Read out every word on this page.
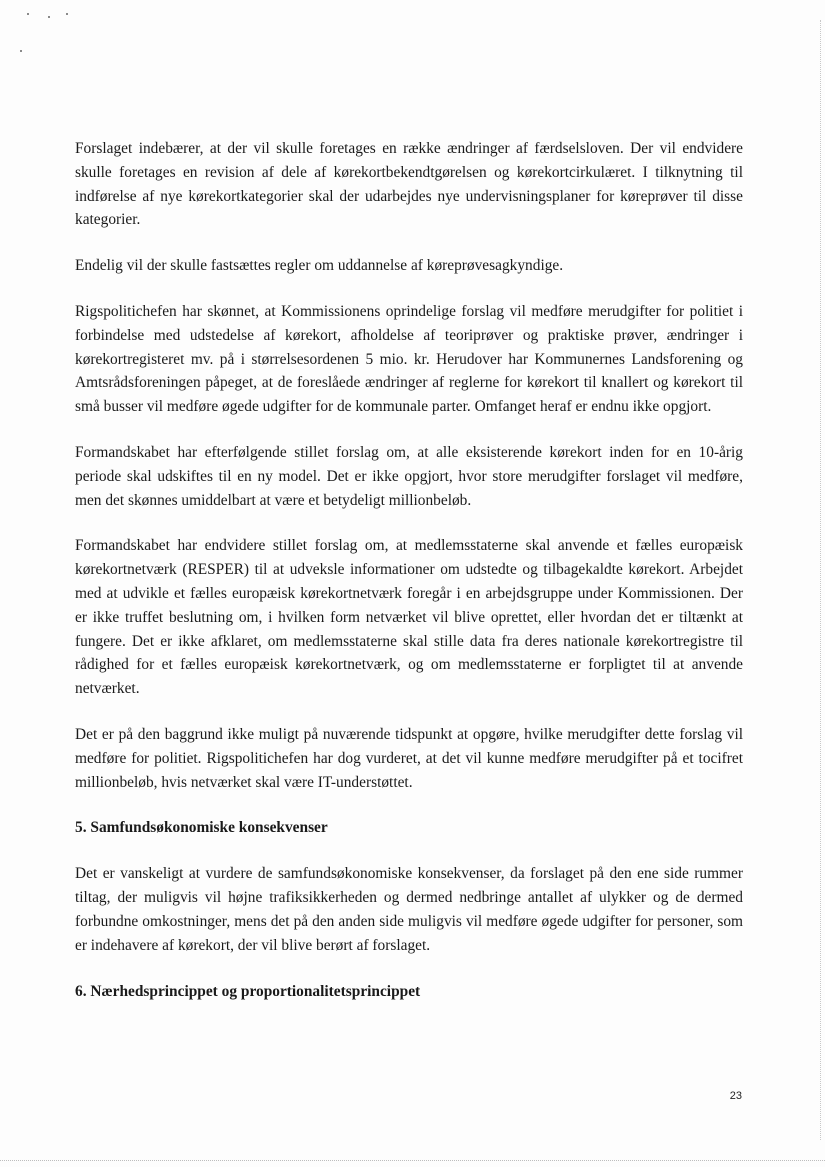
Forslaget indebærer, at der vil skulle foretages en række ændringer af færdselsloven. Der vil endvidere skulle foretages en revision af dele af kørekortbekendtgørelsen og kørekortcirkulæret. I tilknytning til indførelse af nye kørekortkategorier skal der udarbejdes nye undervisningsplaner for køreprøver til disse kategorier.

Endelig vil der skulle fastsættes regler om uddannelse af køreprøvesagkyndige.

Rigspolitichefen har skønnet, at Kommissionens oprindelige forslag vil medføre merudgifter for politiet i forbindelse med udstedelse af kørekort, afholdelse af teoriprøver og praktiske prøver, ændringer i kørekortregisteret mv. på i størrelsesordenen 5 mio. kr. Herudover har Kommunernes Landsforening og Amtsrådsforeningen påpeget, at de foreslåede ændringer af reglerne for kørekort til knallert og kørekort til små busser vil medføre øgede udgifter for de kommunale parter. Omfanget heraf er endnu ikke opgjort.

Formandskabet har efterfølgende stillet forslag om, at alle eksisterende kørekort inden for en 10-årig periode skal udskiftes til en ny model. Det er ikke opgjort, hvor store merudgifter forslaget vil medføre, men det skønnes umiddelbart at være et betydeligt millionbeløb.

Formandskabet har endvidere stillet forslag om, at medlemsstaterne skal anvende et fælles europæisk kørekortnetværk (RESPER) til at udveksle informationer om udstedte og tilbagekaldte kørekort. Arbejdet med at udvikle et fælles europæisk kørekortnetværk foregår i en arbejdsgruppe under Kommissionen. Der er ikke truffet beslutning om, i hvilken form netværket vil blive oprettet, eller hvordan det er tiltænkt at fungere. Det er ikke afklaret, om medlemsstaterne skal stille data fra deres nationale kørekortregistre til rådighed for et fælles europæisk kørekortnetværk, og om medlemsstaterne er forpligtet til at anvende netværket.

Det er på den baggrund ikke muligt på nuværende tidspunkt at opgøre, hvilke merudgifter dette forslag vil medføre for politiet. Rigspolitichefen har dog vurderet, at det vil kunne medføre merudgifter på et tocifret millionbeløb, hvis netværket skal være IT-understøttet.

5. Samfundsøkonomiske konsekvenser

Det er vanskeligt at vurdere de samfundsøkonomiske konsekvenser, da forslaget på den ene side rummer tiltag, der muligvis vil højne trafiksikkerheden og dermed nedbringe antallet af ulykker og de dermed forbundne omkostninger, mens det på den anden side muligvis vil medføre øgede udgifter for personer, som er indehavere af kørekort, der vil blive berørt af forslaget.

6. Nærhedsprincippet og proportionalitetsprincippet
23
